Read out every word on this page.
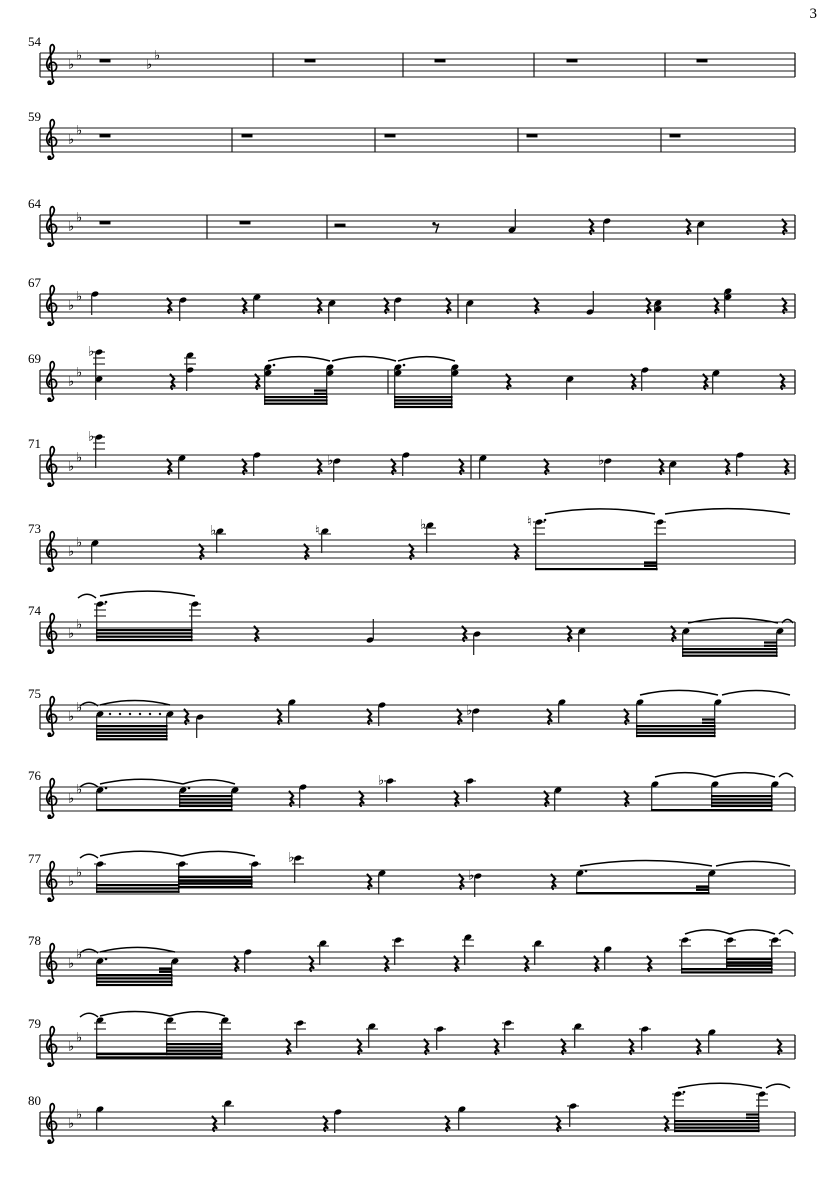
3
54
♭
♭
♭
♭
59
♭
♭
64
♭
♭
67
♭
♭
69
♭
♭
♭
71
♭
♭
♭
♭	♭
73
♭
♭
♭	♮	♭	♮
74
♭
♭
75
♭
♭	♭
76
♭
♭
♭
77
♭
♭
♭
♭
78
♭
♭
79
♭
♭
80
♭
♭
